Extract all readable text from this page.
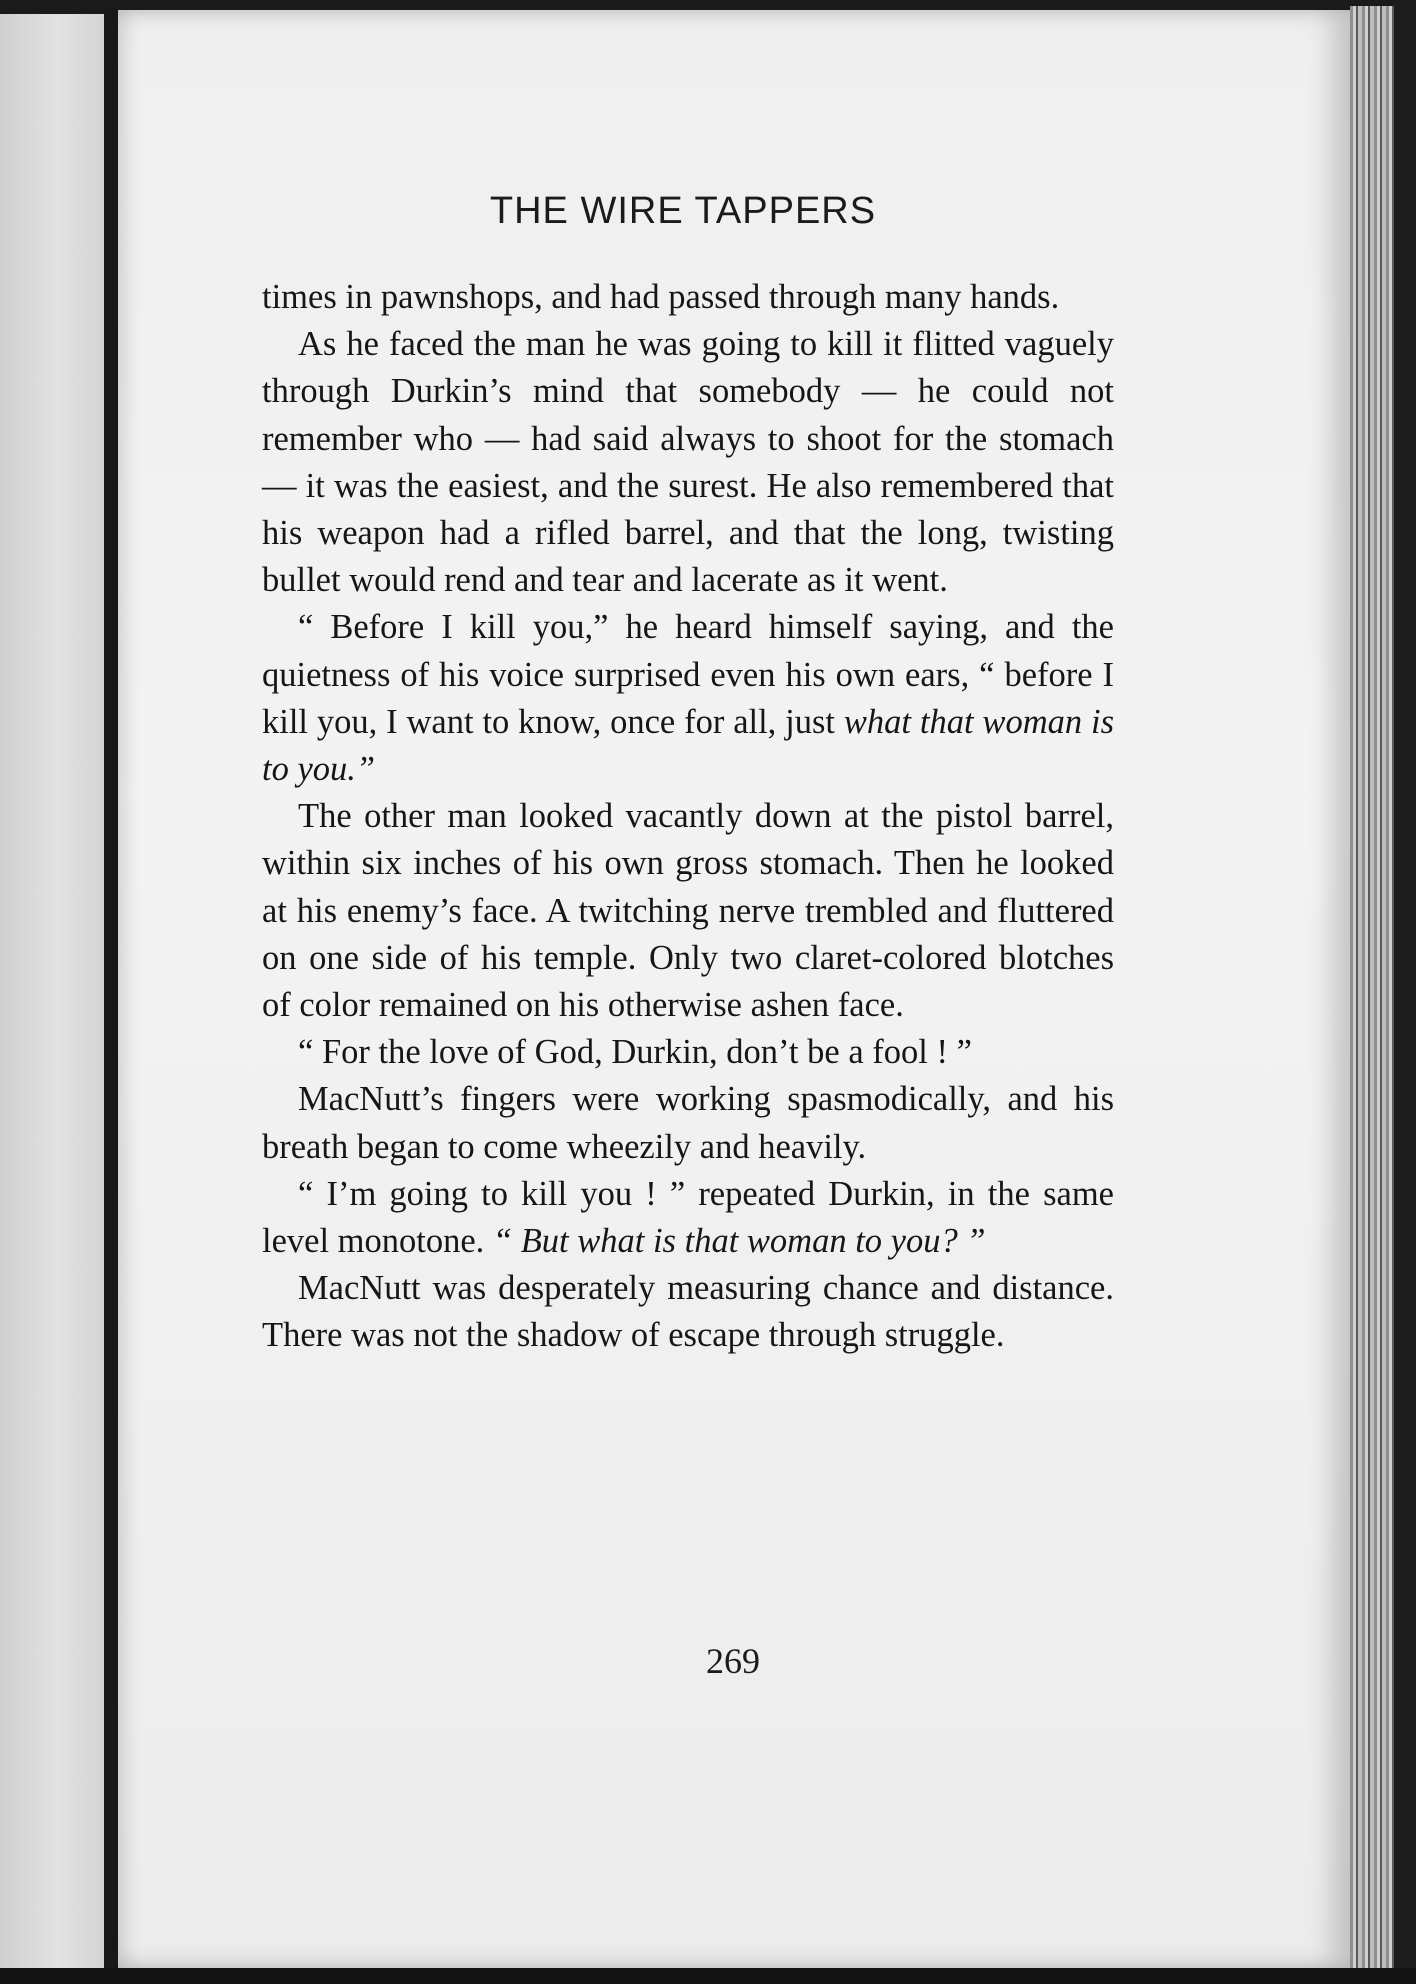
THE WIRE TAPPERS

times in pawnshops, and had passed through many hands.

As he faced the man he was going to kill it flitted vaguely through Durkin’s mind that somebody — he could not remember who — had said always to shoot for the stomach — it was the easiest, and the surest. He also remembered that his weapon had a rifled barrel, and that the long, twisting bullet would rend and tear and lacerate as it went.

“ Before I kill you,” he heard himself saying, and the quietness of his voice surprised even his own ears, “ before I kill you, I want to know, once for all, just what that woman is to you.”

The other man looked vacantly down at the pistol barrel, within six inches of his own gross stomach. Then he looked at his enemy’s face. A twitching nerve trembled and fluttered on one side of his temple. Only two claret-colored blotches of color remained on his otherwise ashen face.

“ For the love of God, Durkin, don’t be a fool ! ”

MacNutt’s fingers were working spasmodically, and his breath began to come wheezily and heavily.

“ I’m going to kill you ! ” repeated Durkin, in the same level monotone. “ But what is that woman to you? ”

MacNutt was desperately measuring chance and distance. There was not the shadow of escape through struggle.

269
